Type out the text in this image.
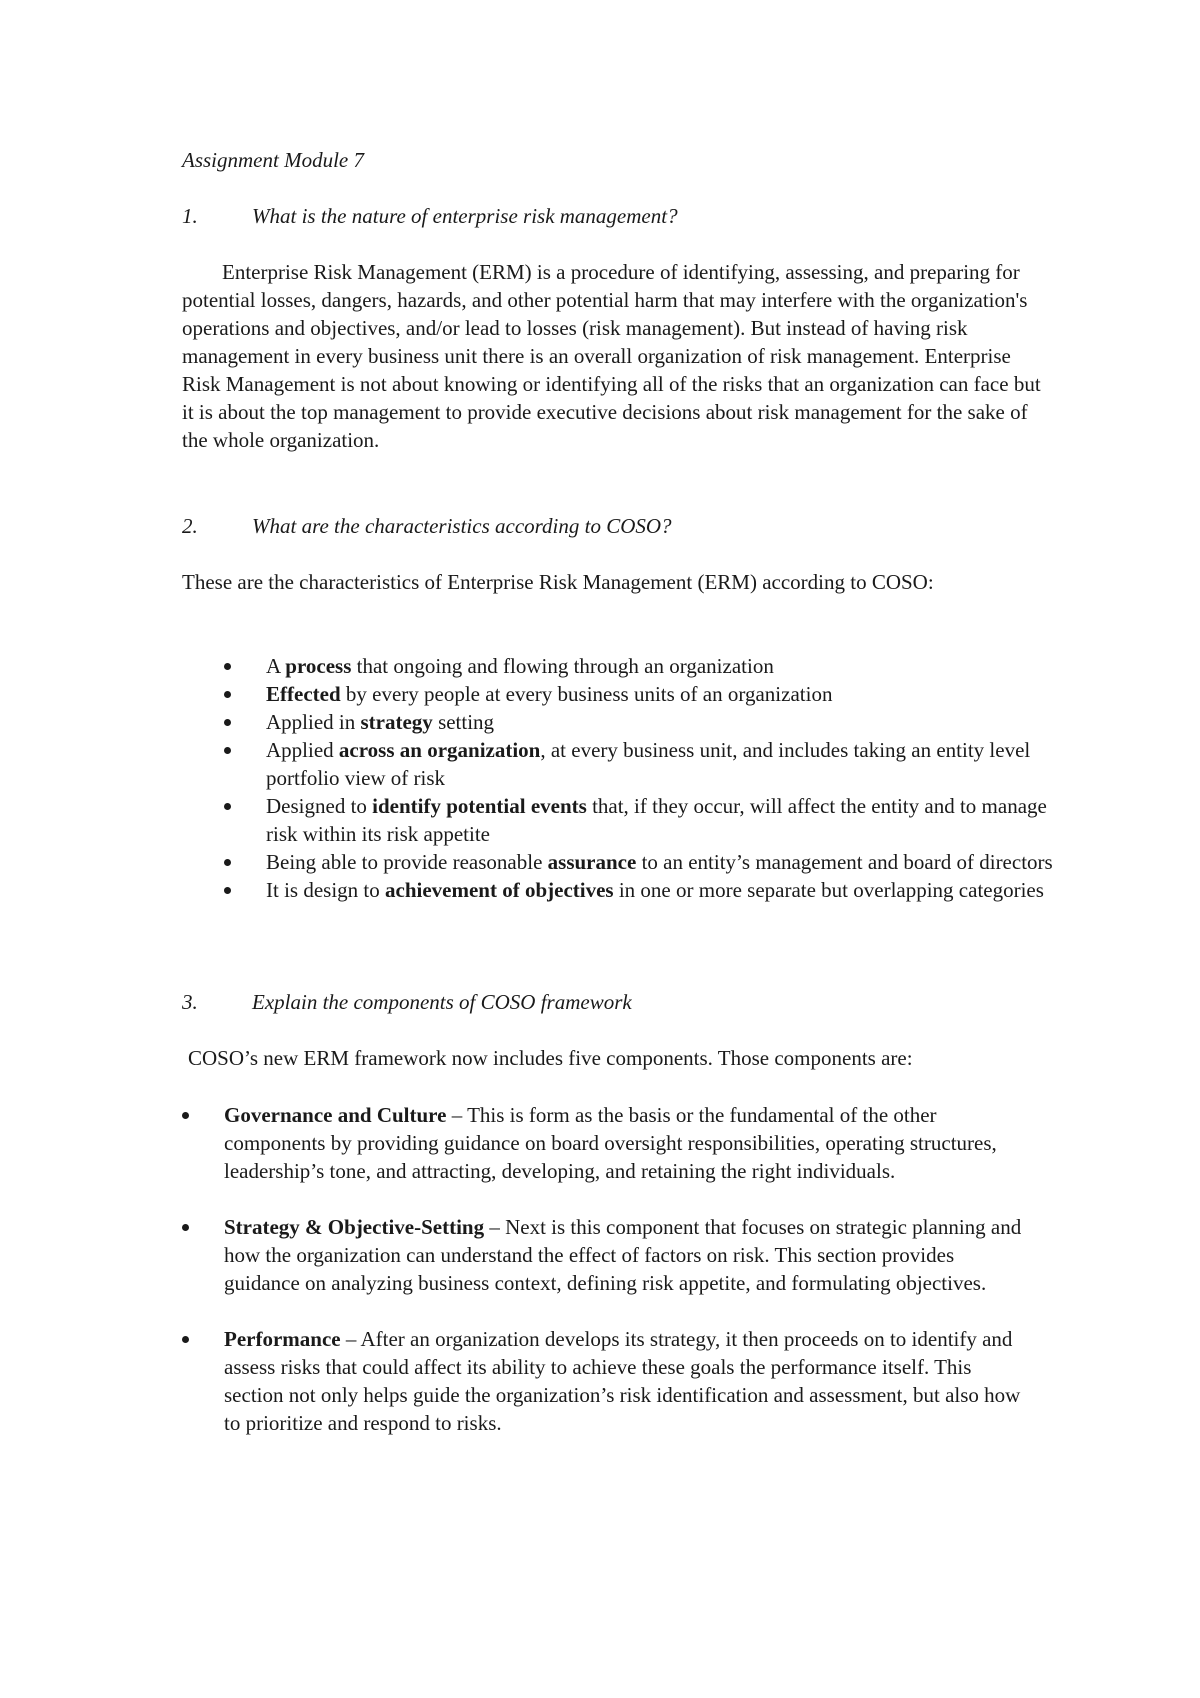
Assignment Module 7
1.	What is the nature of enterprise risk management?
Enterprise Risk Management (ERM) is a procedure of identifying, assessing, and preparing for potential losses, dangers, hazards, and other potential harm that may interfere with the organization's operations and objectives, and/or lead to losses (risk management). But instead of having risk management in every business unit there is an overall organization of risk management. Enterprise Risk Management is not about knowing or identifying all of the risks that an organization can face but it is about the top management to provide executive decisions about risk management for the sake of the whole organization.
2.	What are the characteristics according to COSO?
These are the characteristics of Enterprise Risk Management (ERM) according to COSO:
A process that ongoing and flowing through an organization
Effected by every people at every business units of an organization
Applied in strategy setting
Applied across an organization, at every business unit, and includes taking an entity level portfolio view of risk
Designed to identify potential events that, if they occur, will affect the entity and to manage risk within its risk appetite
Being able to provide reasonable assurance to an entity’s management and board of directors
It is design to achievement of objectives in one or more separate but overlapping categories
3.	Explain the components of COSO framework
COSO’s new ERM framework now includes five components. Those components are:
Governance and Culture – This is form as the basis or the fundamental of the other components by providing guidance on board oversight responsibilities, operating structures, leadership’s tone, and attracting, developing, and retaining the right individuals.
Strategy & Objective-Setting – Next is this component that focuses on strategic planning and how the organization can understand the effect of factors on risk. This section provides guidance on analyzing business context, defining risk appetite, and formulating objectives.
Performance – After an organization develops its strategy, it then proceeds on to identify and assess risks that could affect its ability to achieve these goals the performance itself. This section not only helps guide the organization’s risk identification and assessment, but also how to prioritize and respond to risks.
